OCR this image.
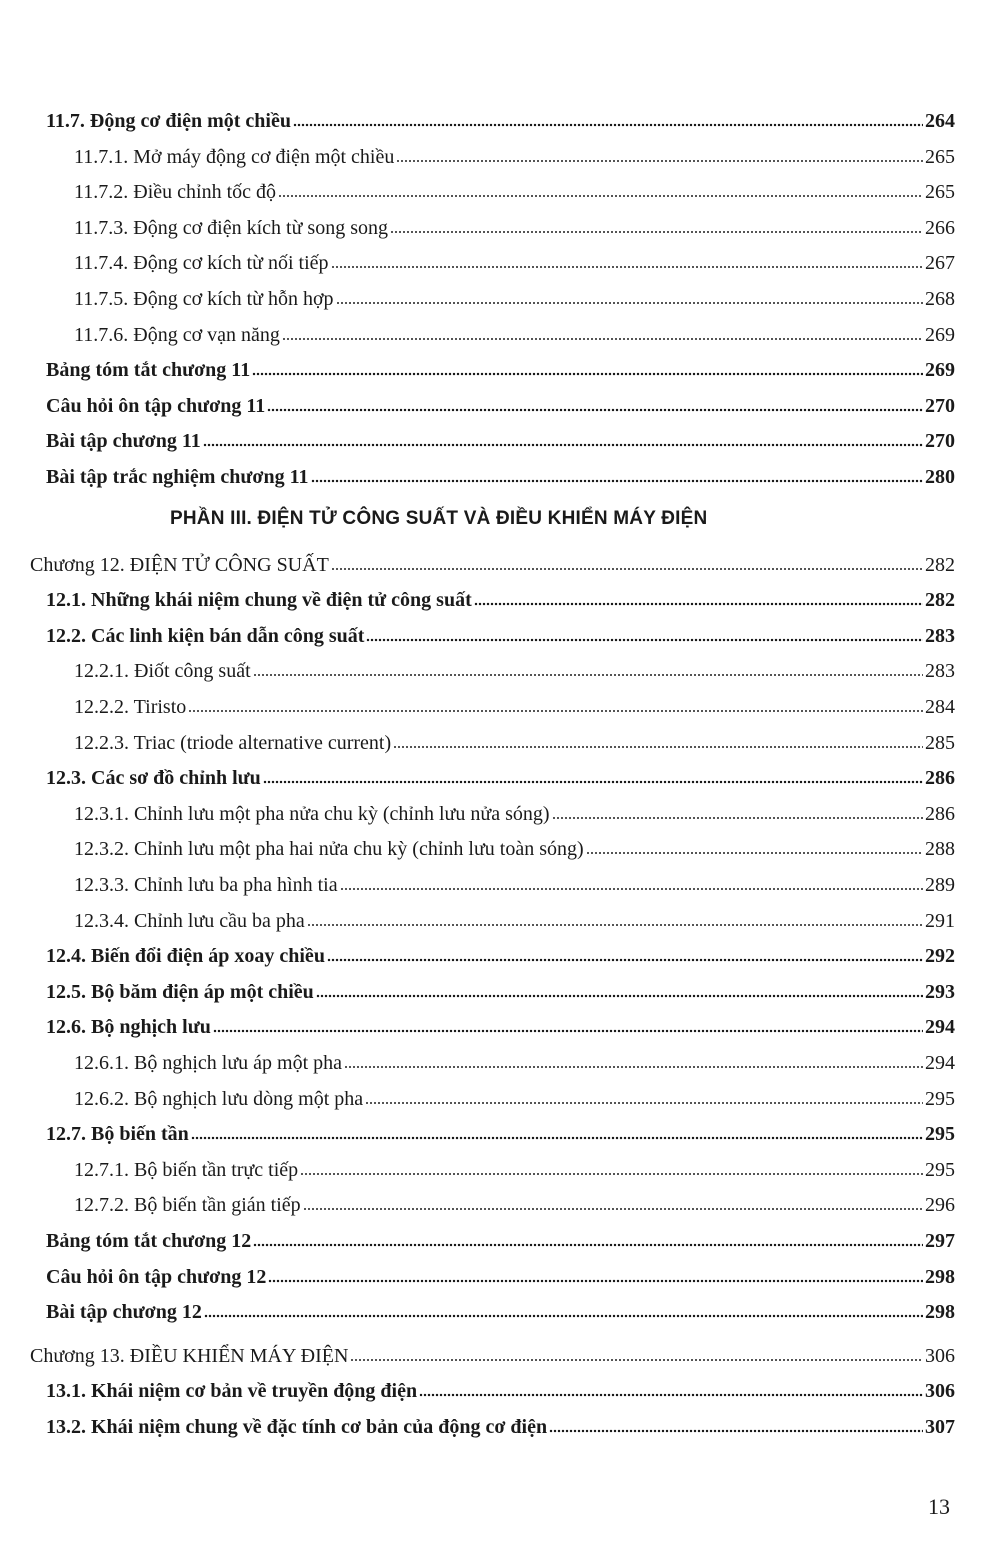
PHẦN III. ĐIỆN TỬ CÔNG SUẤT VÀ ĐIỀU KHIỂN MÁY ĐIỆN
11.7. Động cơ điện một chiều	264
11.7.1. Mở máy động cơ điện một chiều	265
11.7.2. Điều chỉnh tốc độ	265
11.7.3. Động cơ điện kích từ song song	266
11.7.4. Động cơ kích từ nối tiếp	267
11.7.5. Động cơ kích từ hỗn hợp	268
11.7.6. Động cơ vạn năng	269
Bảng tóm tắt chương 11	269
Câu hỏi ôn tập chương 11	270
Bài tập chương 11	270
Bài tập trắc nghiệm chương 11	280
Chương 12. ĐIỆN TỬ CÔNG SUẤT	282
12.1. Những khái niệm chung về điện tử công suất	282
12.2. Các linh kiện bán dẫn công suất	283
12.2.1. Điốt công suất	283
12.2.2. Tiristo	284
12.2.3. Triac (triode alternative current)	285
12.3. Các sơ đồ chỉnh lưu	286
12.3.1. Chỉnh lưu một pha nửa chu kỳ (chỉnh lưu nửa sóng)	286
12.3.2. Chỉnh lưu một pha hai nửa chu kỳ (chỉnh lưu toàn sóng)	288
12.3.3. Chỉnh lưu ba pha hình tia	289
12.3.4. Chỉnh lưu cầu ba pha	291
12.4. Biến đổi điện áp xoay chiều	292
12.5. Bộ băm điện áp một chiều	293
12.6. Bộ nghịch lưu	294
12.6.1. Bộ nghịch lưu áp một pha	294
12.6.2. Bộ nghịch lưu dòng một pha	295
12.7. Bộ biến tần	295
12.7.1. Bộ biến tần trực tiếp	295
12.7.2. Bộ biến tần gián tiếp	296
Bảng tóm tắt chương 12	297
Câu hỏi ôn tập chương 12	298
Bài tập chương 12	298
Chương 13. ĐIỀU KHIỂN MÁY ĐIỆN	306
13.1. Khái niệm cơ bản về truyền động điện	306
13.2. Khái niệm chung về đặc tính cơ bản của động cơ điện	307
13
